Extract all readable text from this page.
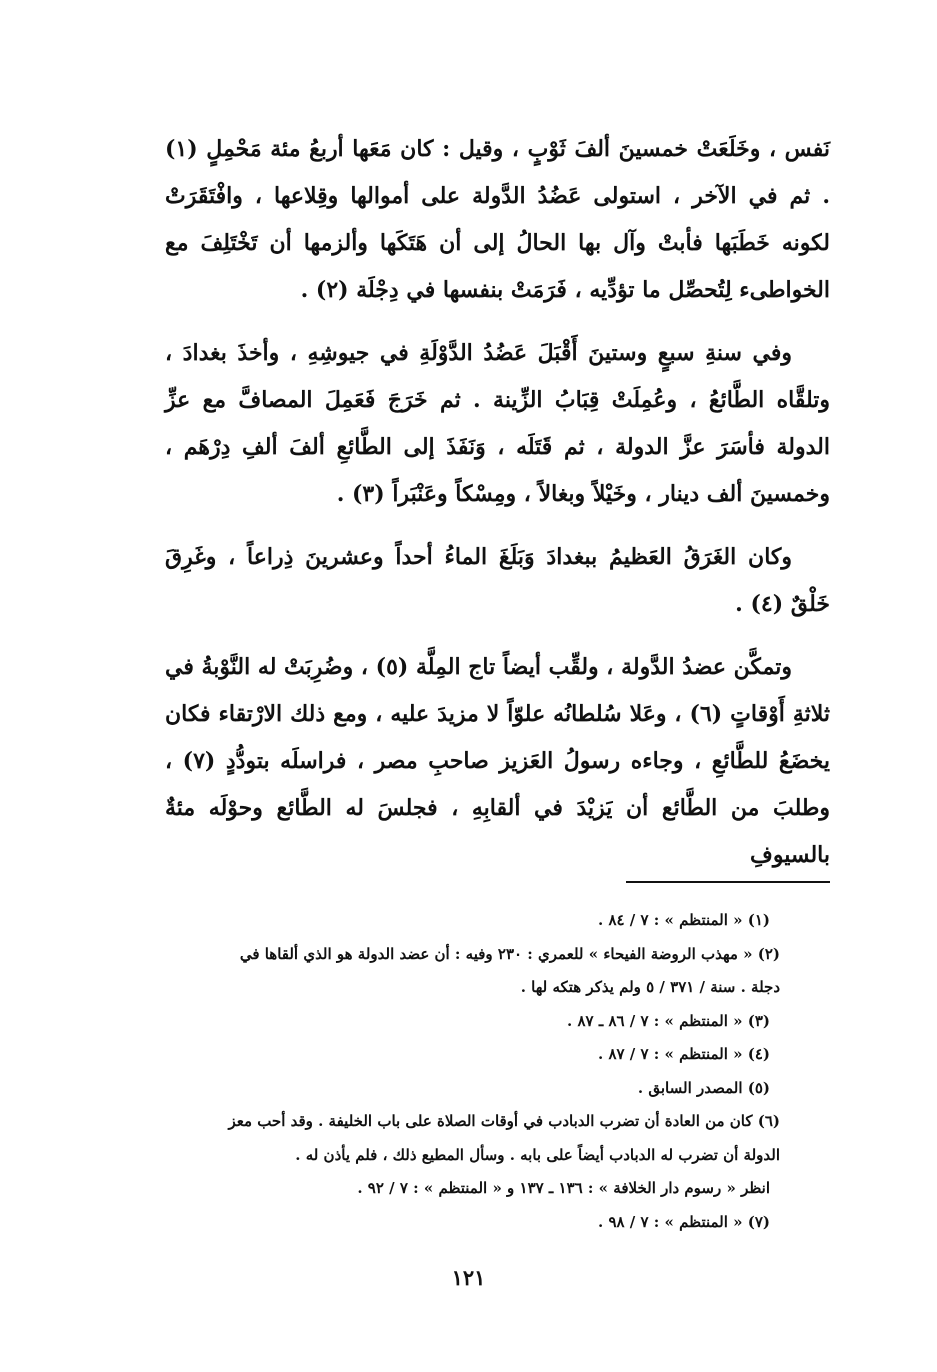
نَفس ، وخَلَعَتْ خمسينَ ألفَ ثَوْبٍ ، وقيل : كان مَعَها أربعُ مئة مَحْمِلٍ (١) . ثم في الآخر ، استولى عَضُدُ الدَّولة على أموالها وقِلاعها ، وافْتَقَرَتْ لكونه خَطَبَها فأبتْ وآل بها الحالُ إلى أن هَتَكَها وألزمها أن تَخْتَلِفَ مع الخواطىء لِتُحصِّل ما تؤدِّيه ، فَرَمَتْ بنفسها في دِجْلَة (٢) .

وفي سنةِ سبعٍ وستينَ أَقْبَلَ عَضُدُ الدَّوْلَةِ في جيوشِهِ ، وأخذَ بغدادَ ، وتلقَّاه الطَّائعُ ، وعُمِلَتْ قِبَابُ الزِّينة . ثم خَرَجَ فَعَمِلَ المصافَّ مع عزِّ الدولة فأسَرَ عزَّ الدولة ، ثم قَتَلَه ، وَنَفَذَ إلى الطَّائعِ ألفَ ألفِ دِرْهَم ، وخمسينَ ألف دينار ، وخَيْلاً وبغالاً ، ومِسْكاً وعَنْبَراً (٣) .

وكان الغَرَقُ العَظيمُ ببغدادَ وَبَلَغَ الماءُ أحداً وعشرينَ ذِراعاً ، وغَرِقَ خَلْقٌ (٤) .

وتمكَّن عضدُ الدَّولة ، ولقِّب أيضاً تاج المِلَّة (٥) ، وضُرِبَتْ له النَّوْبةُ في ثلاثةِ أَوْقاتٍ (٦) ، وعَلا سُلطانُه علوّاً لا مزيدَ عليه ، ومع ذلك الارْتقاء فكان يخضَعُ للطَّائعِ ، وجاءه رسولُ العَزيز صاحبِ مصر ، فراسلَه بتودُّدٍ (٧) ، وطلبَ من الطَّائع أن يَزيْدَ في ألقابِهِ ، فجلسَ له الطَّائع وحوْلَه مئةٌ بالسيوفِ

(١) « المنتظم » : ٧ / ٨٤ .
(٢) « مهذب الروضة الفيحاء » للعمري : ٢٣٠ وفيه : أن عضد الدولة هو الذي ألقاها في
دجلة . سنة / ٣٧١ / ٥ ولم يذكر هتكه لها .
(٣) « المنتظم » : ٧ / ٨٦ ـ ٨٧ .
(٤) « المنتظم » : ٧ / ٨٧ .
(٥) المصدر السابق .
(٦) كان من العادة أن تضرب الدبادب في أوقات الصلاة على باب الخليفة . وقد أحب معز
الدولة أن تضرب له الدبادب أيضاً على بابه . وسأل المطيع ذلك ، فلم يأذن له .
انظر « رسوم دار الخلافة » : ١٣٦ ـ ١٣٧ و « المنتظم » : ٧ / ٩٢ .
(٧) « المنتظم » : ٧ / ٩٨ .
١٢١
